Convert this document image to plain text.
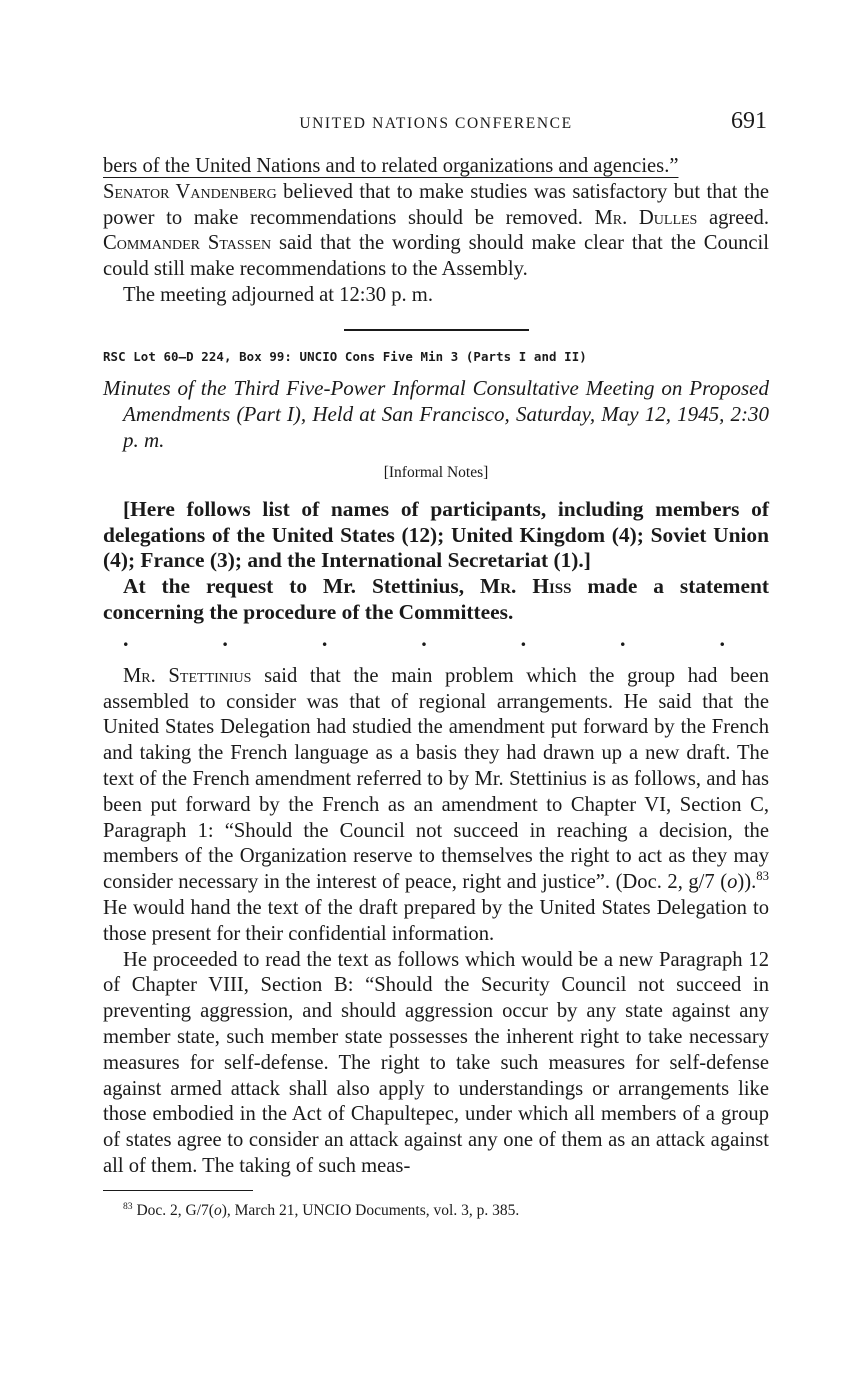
UNITED NATIONS CONFERENCE	691

bers of the United Nations and to related organizations and agencies.”

Senator Vandenberg believed that to make studies was satisfactory but that the power to make recommendations should be removed. Mr. Dulles agreed. Commander Stassen said that the wording should make clear that the Council could still make recommendations to the Assembly.

The meeting adjourned at 12:30 p. m.

RSC Lot 60–D 224, Box 99: UNCIO Cons Five Min 3 (Parts I and II)

Minutes of the Third Five-Power Informal Consultative Meeting on Proposed Amendments (Part I), Held at San Francisco, Saturday, May 12, 1945, 2:30 p. m.

[Informal Notes]

[Here follows list of names of participants, including members of delegations of the United States (12); United Kingdom (4); Soviet Union (4); France (3); and the International Secretariat (1).]

At the request to Mr. Stettinius, Mr. Hiss made a statement concerning the procedure of the Committees.

.	.	.	.	.	.	.

Mr. Stettinius said that the main problem which the group had been assembled to consider was that of regional arrangements. He said that the United States Delegation had studied the amendment put forward by the French and taking the French language as a basis they had drawn up a new draft. The text of the French amendment referred to by Mr. Stettinius is as follows, and has been put forward by the French as an amendment to Chapter VI, Section C, Paragraph 1: “Should the Council not succeed in reaching a decision, the members of the Organization reserve to themselves the right to act as they may consider necessary in the interest of peace, right and justice”. (Doc. 2, g/7 (o)).$^{83}$ He would hand the text of the draft prepared by the United States Delegation to those present for their confidential information.

He proceeded to read the text as follows which would be a new Paragraph 12 of Chapter VIII, Section B: “Should the Security Council not succeed in preventing aggression, and should aggression occur by any state against any member state, such member state possesses the inherent right to take necessary measures for self-defense. The right to take such measures for self-defense against armed attack shall also apply to understandings or arrangements like those embodied in the Act of Chapultepec, under which all members of a group of states agree to consider an attack against any one of them as an attack against all of them. The taking of such meas-

$^{83}$ Doc. 2, G/7(o), March 21, UNCIO Documents, vol. 3, p. 385.
